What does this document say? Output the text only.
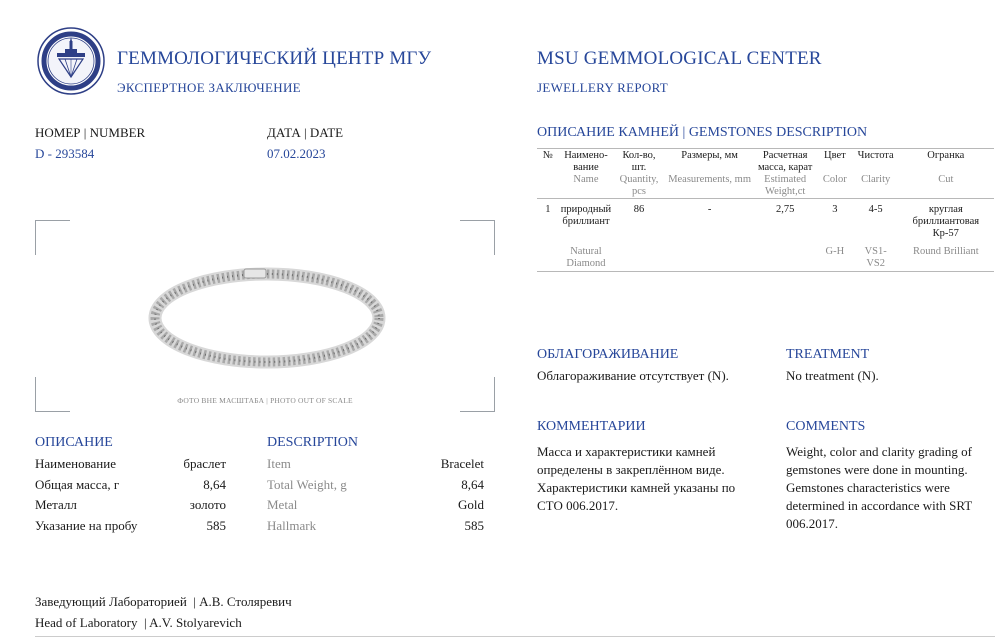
ГЕММОЛОГИЧЕСКИЙ ЦЕНТР МГУ
ЭКСПЕРТНОЕ ЗАКЛЮЧЕНИЕ
MSU GEMMOLOGICAL CENTER
JEWELLERY REPORT
НОМЕР | NUMBER
D - 293584
ДАТА | DATE
07.02.2023
ФОТО ВНЕ МАСШТАБА | PHOTO OUT OF SCALE
ОПИСАНИЕ
Наименование	браслет
Общая масса, г	8,64
Металл	золото
Указание на пробу	585
DESCRIPTION
Item	Bracelet
Total Weight, g	8,64
Metal	Gold
Hallmark	585
ОПИСАНИЕ КАМНЕЙ | GEMSTONES DESCRIPTION
№	Наимено-вание	Кол-во, шт.	Размеры, мм	Расчетная масса, карат	Цвет	Чистота	Огранка
	Name	Quantity, pcs	Measurements, mm	Estimated Weight,ct	Color	Clarity	Cut
1	природный бриллиант	86	-	2,75	3	4-5	круглая бриллиантовая Кр-57
	Natural Diamond				G-H	VS1-VS2	Round Brilliant
ОБЛАГОРАЖИВАНИЕ
Облагораживание отсутствует (N).
TREATMENT
No treatment (N).
КОММЕНТАРИИ
Масса и характеристики камней определены в закреплённом виде. Характеристики камней указаны по СТО 006.2017.
COMMENTS
Weight, color and clarity grading of gemstones were done in mounting. Gemstones characteristics were determined in accordance with SRT 006.2017.
Заведующий Лабораторией  | А.В. Столяревич
Head of Laboratory  | A.V. Stolyarevich
